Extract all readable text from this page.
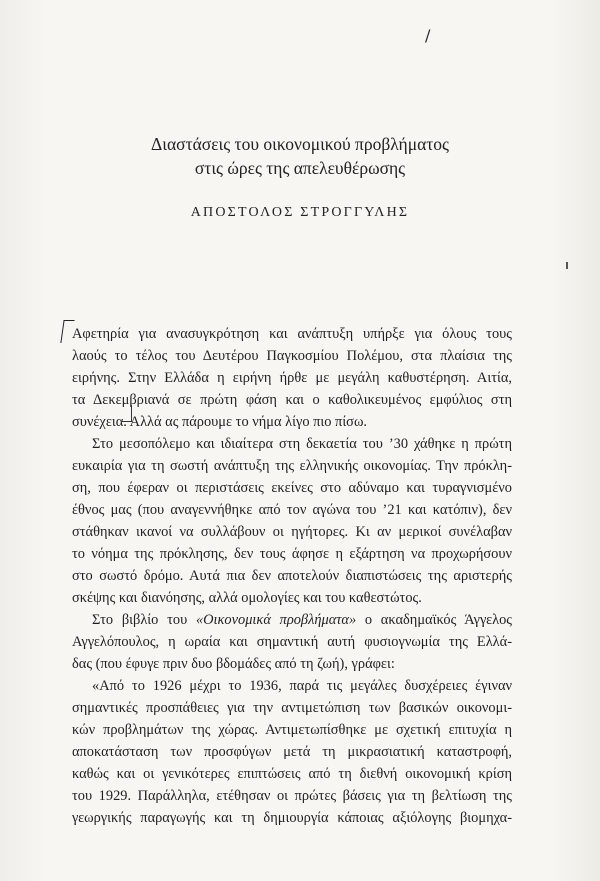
/
Διαστάσεις του οικονομικού προβλήματος
στις ώρες της απελευθέρωσης
ΑΠΟΣΤΟΛΟΣ ΣΤΡΟΓΓΥΛΗΣ
Αφετηρία για ανασυγκρότηση και ανάπτυξη υπήρξε για όλους τους
λαούς το τέλος του Δευτέρου Παγκοσμίου Πολέμου, στα πλαίσια της
ειρήνης. Στην Ελλάδα η ειρήνη ήρθε με μεγάλη καθυστέρηση. Αιτία,
τα Δεκεμβριανά σε πρώτη φάση και ο καθολικευμένος εμφύλιος στη
συνέχεια. Αλλά ας πάρουμε το νήμα λίγο πιο πίσω.
Στο μεσοπόλεμο και ιδιαίτερα στη δεκαετία του ’30 χάθηκε η πρώτη
ευκαιρία για τη σωστή ανάπτυξη της ελληνικής οικονομίας. Την πρόκλη-
ση, που έφεραν οι περιστάσεις εκείνες στο αδύναμο και τυραγνισμένο
έθνος μας (που αναγεννήθηκε από τον αγώνα του ’21 και κατόπιν), δεν
στάθηκαν ικανοί να συλλάβουν οι ηγήτορες. Κι αν μερικοί συνέλαβαν
το νόημα της πρόκλησης, δεν τους άφησε η εξάρτηση να προχωρήσουν
στο σωστό δρόμο. Αυτά πια δεν αποτελούν διαπιστώσεις της αριστερής
σκέψης και διανόησης, αλλά ομολογίες και του καθεστώτος.
Στο βιβλίο του «Οικονομικά προβλήματα» ο ακαδημαϊκός Άγγελος
Αγγελόπουλος, η ωραία και σημαντική αυτή φυσιογνωμία της Ελλά-
δας (που έφυγε πριν δυο βδομάδες από τη ζωή), γράφει:
«Από το 1926 μέχρι το 1936, παρά τις μεγάλες δυσχέρειες έγιναν
σημαντικές προσπάθειες για την αντιμετώπιση των βασικών οικονομι-
κών προβλημάτων της χώρας. Αντιμετωπίσθηκε με σχετική επιτυχία η
αποκατάσταση των προσφύγων μετά τη μικρασιατική καταστροφή,
καθώς και οι γενικότερες επιπτώσεις από τη διεθνή οικονομική κρίση
του 1929. Παράλληλα, ετέθησαν οι πρώτες βάσεις για τη βελτίωση της
γεωργικής παραγωγής και τη δημιουργία κάποιας αξιόλογης βιομηχα-
